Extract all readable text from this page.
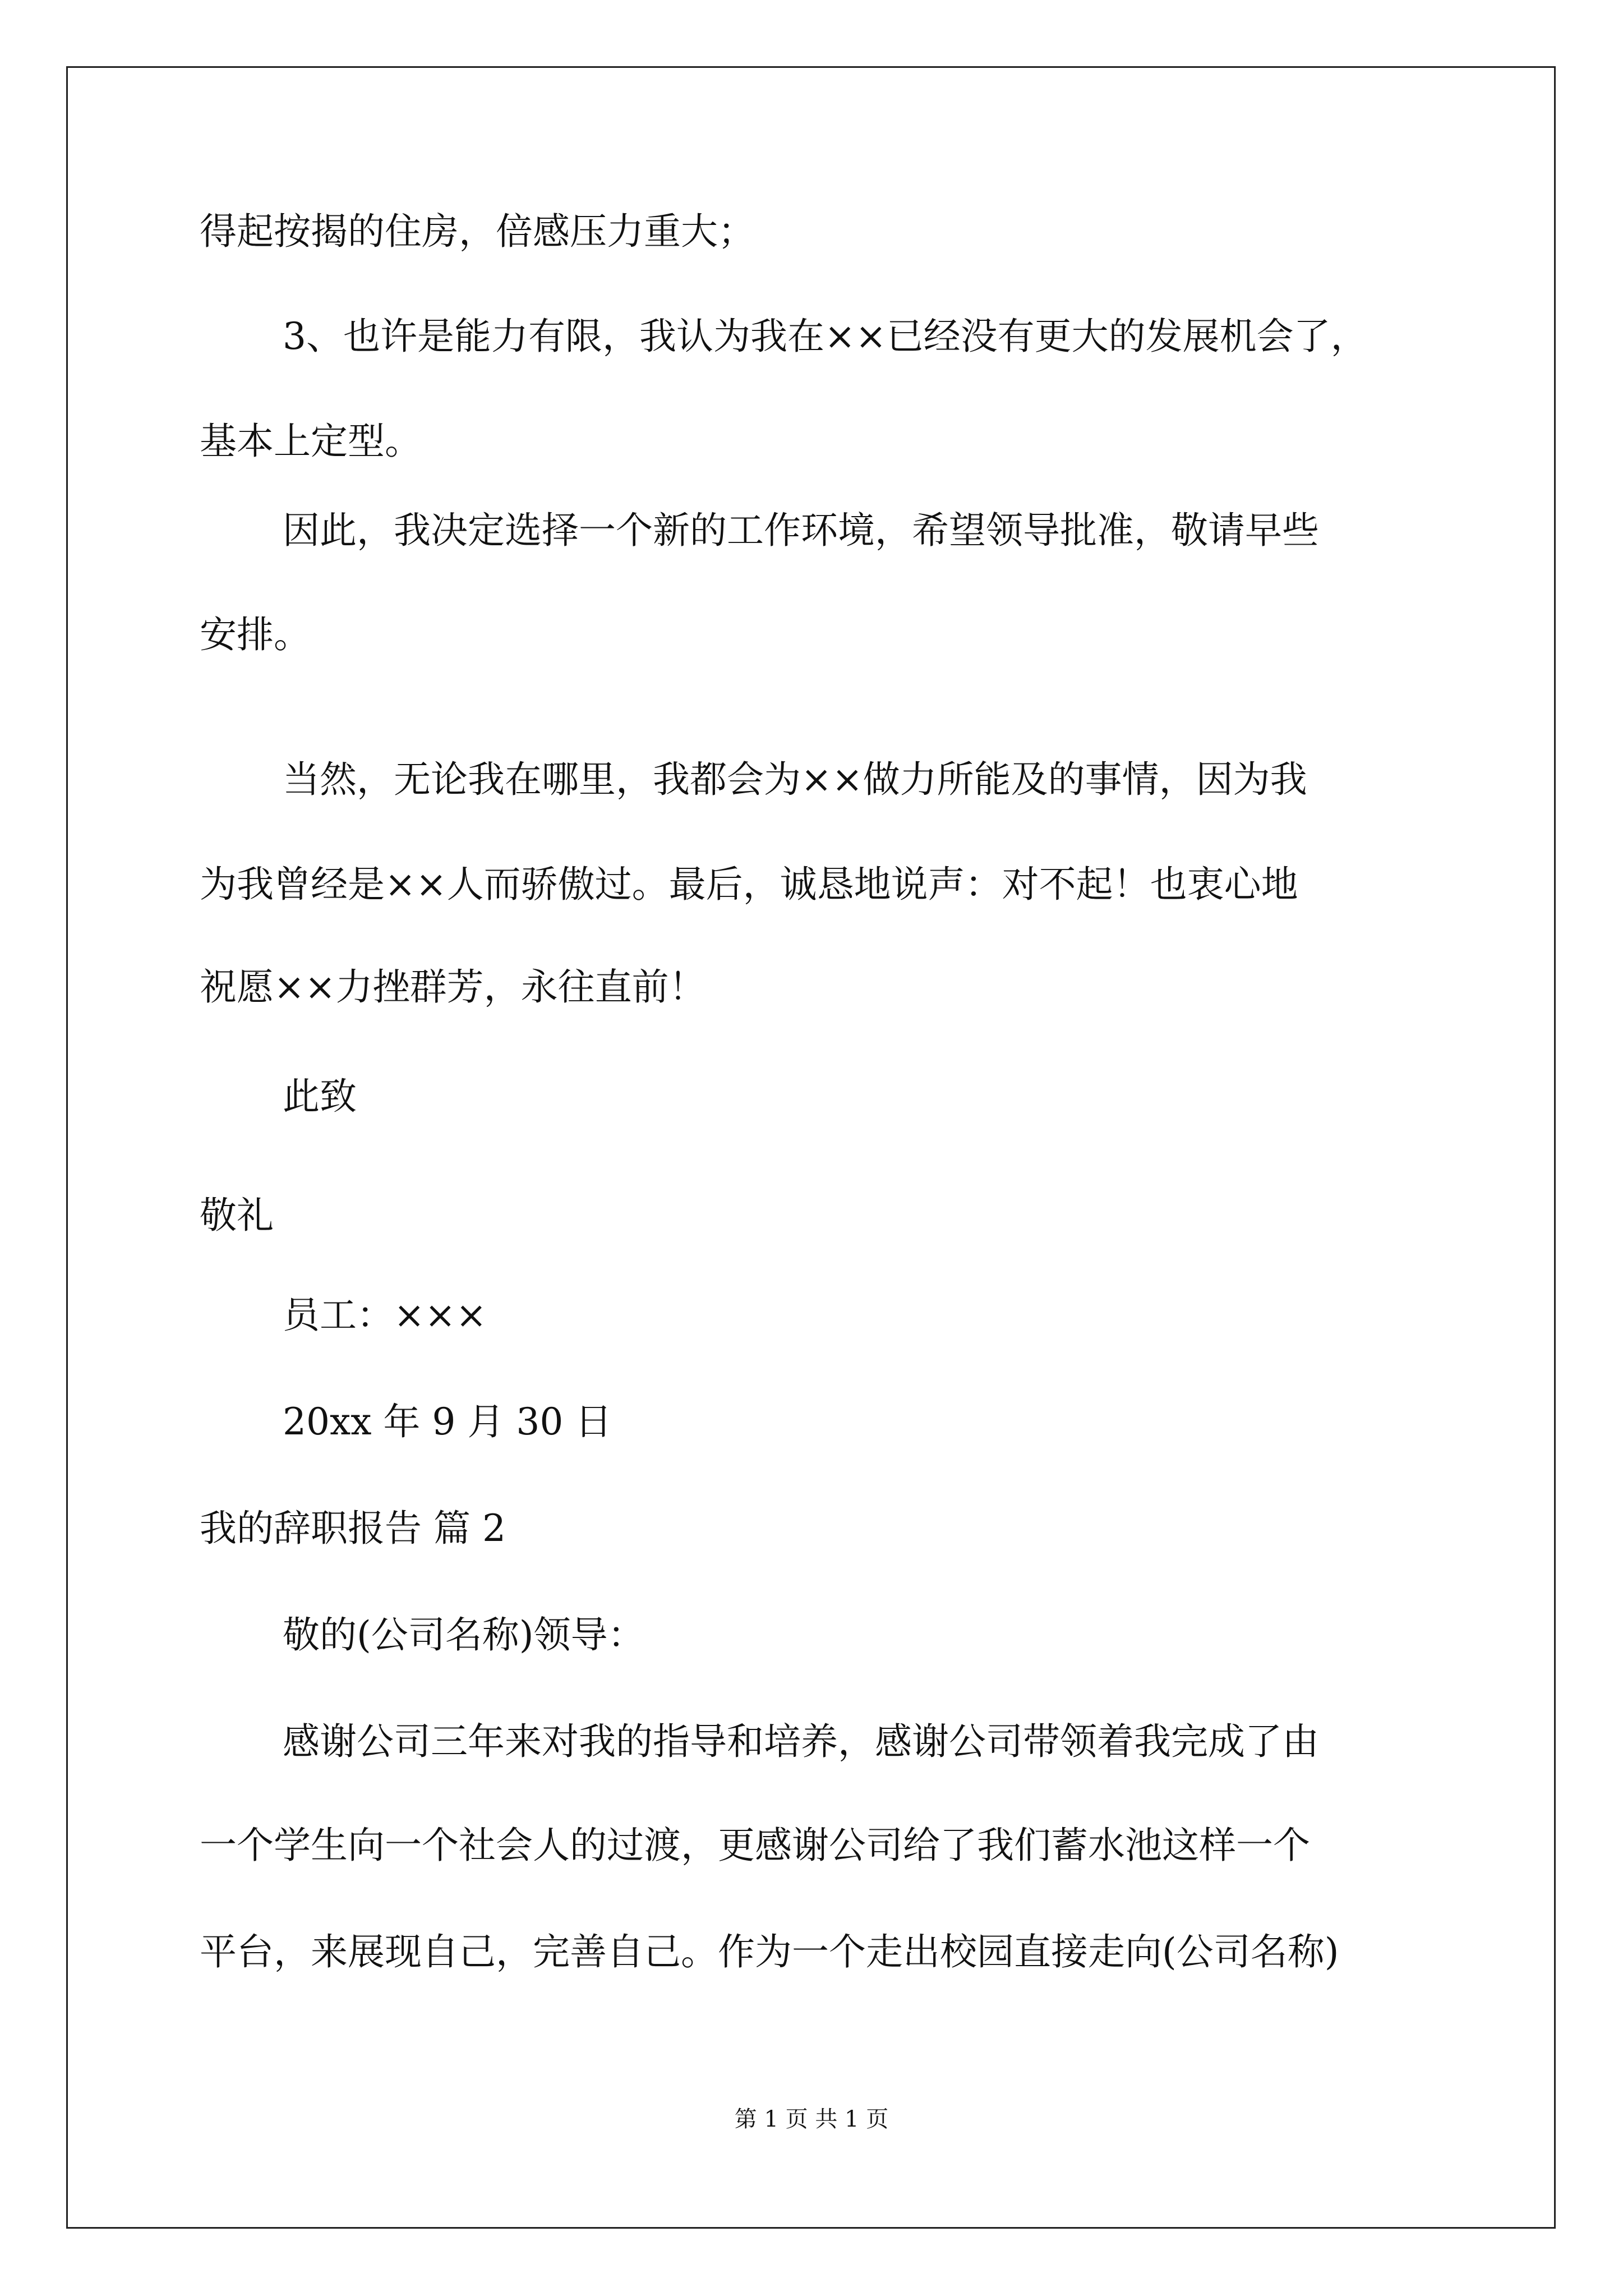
得起按揭的住房，倍感压力重大；
3、也许是能力有限，我认为我在××已经没有更大的发展机会了，
基本上定型。
因此，我决定选择一个新的工作环境，希望领导批准，敬请早些
安排。
当然，无论我在哪里，我都会为××做力所能及的事情，因为我
为我曾经是××人而骄傲过。最后，诚恳地说声：对不起！也衷心地
祝愿××力挫群芳，永往直前！
此致
敬礼
员工：×××
20xx 年 9 月 30 日
我的辞职报告 篇 2
敬的(公司名称)领导：
感谢公司三年来对我的指导和培养，感谢公司带领着我完成了由
一个学生向一个社会人的过渡，更感谢公司给了我们蓄水池这样一个
平台，来展现自己，完善自己。作为一个走出校园直接走向(公司名称)
第 1 页 共 1 页
